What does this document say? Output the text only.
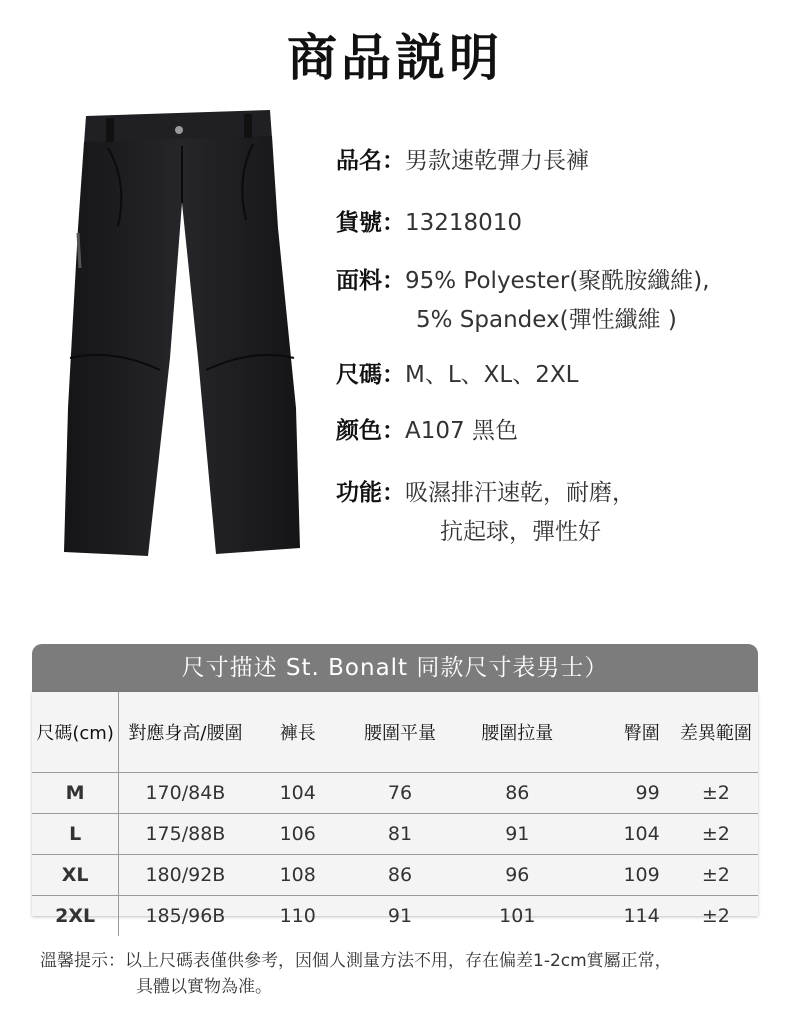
商品説明
品名：男款速乾彈力長褲
貨號：13218010
面料：95% Polyester(聚酰胺纖維),
5% Spandex(彈性纖維 )
尺碼：M、L、XL、2XL
颜色：A107 黑色
功能：吸濕排汗速乾，耐磨，
抗起球，彈性好
尺寸描述 St. Bonalt 同款尺寸表男士）
尺碼(cm)	對應身高/腰圍	褲長	腰圍平量	腰圍拉量	臀圍	差異範圍
M	170/84B	104	76	86	99	±2
L	175/88B	106	81	91	104	±2
XL	180/92B	108	86	96	109	±2
2XL	185/96B	110	91	101	114	±2
溫馨提示：以上尺碼表僅供參考，因個人測量方法不用，存在偏差1-2cm實屬正常，
具體以實物為准。
